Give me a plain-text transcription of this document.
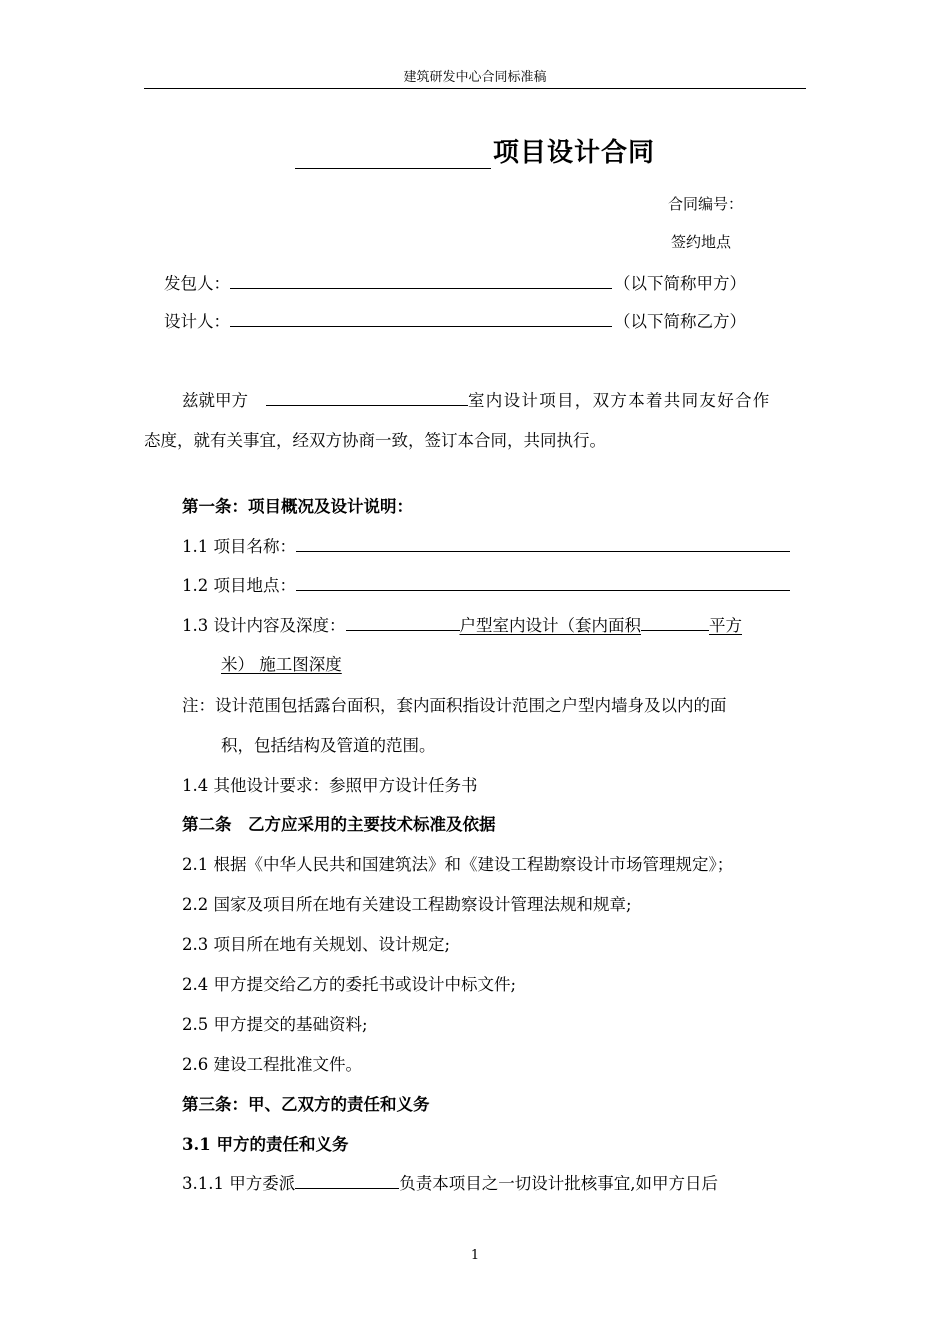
建筑研发中心合同标准稿
项目设计合同
合同编号：
签约地点
发包人：	（以下简称甲方）
设计人：	（以下简称乙方）
兹就甲方	室内设计项目，双方本着共同友好合作
态度，就有关事宜，经双方协商一致，签订本合同，共同执行。
第一条：项目概况及设计说明：
1.1 项目名称：
1.2 项目地点：
1.3 设计内容及深度：	户型室内设计（套内面积	平方
米） 施工图深度
注：设计范围包括露台面积，套内面积指设计范围之户型内墙身及以内的面
积，包括结构及管道的范围。
1.4 其他设计要求：参照甲方设计任务书
第二条　乙方应采用的主要技术标准及依据
2.1 根据《中华人民共和国建筑法》和《建设工程勘察设计市场管理规定》；
2.2 国家及项目所在地有关建设工程勘察设计管理法规和规章;
2.3 项目所在地有关规划、设计规定;
2.4 甲方提交给乙方的委托书或设计中标文件;
2.5 甲方提交的基础资料;
2.6 建设工程批准文件。
第三条：甲、乙双方的责任和义务
3.1 甲方的责任和义务
3.1.1 甲方委派	负责本项目之一切设计批核事宜,如甲方日后
1
